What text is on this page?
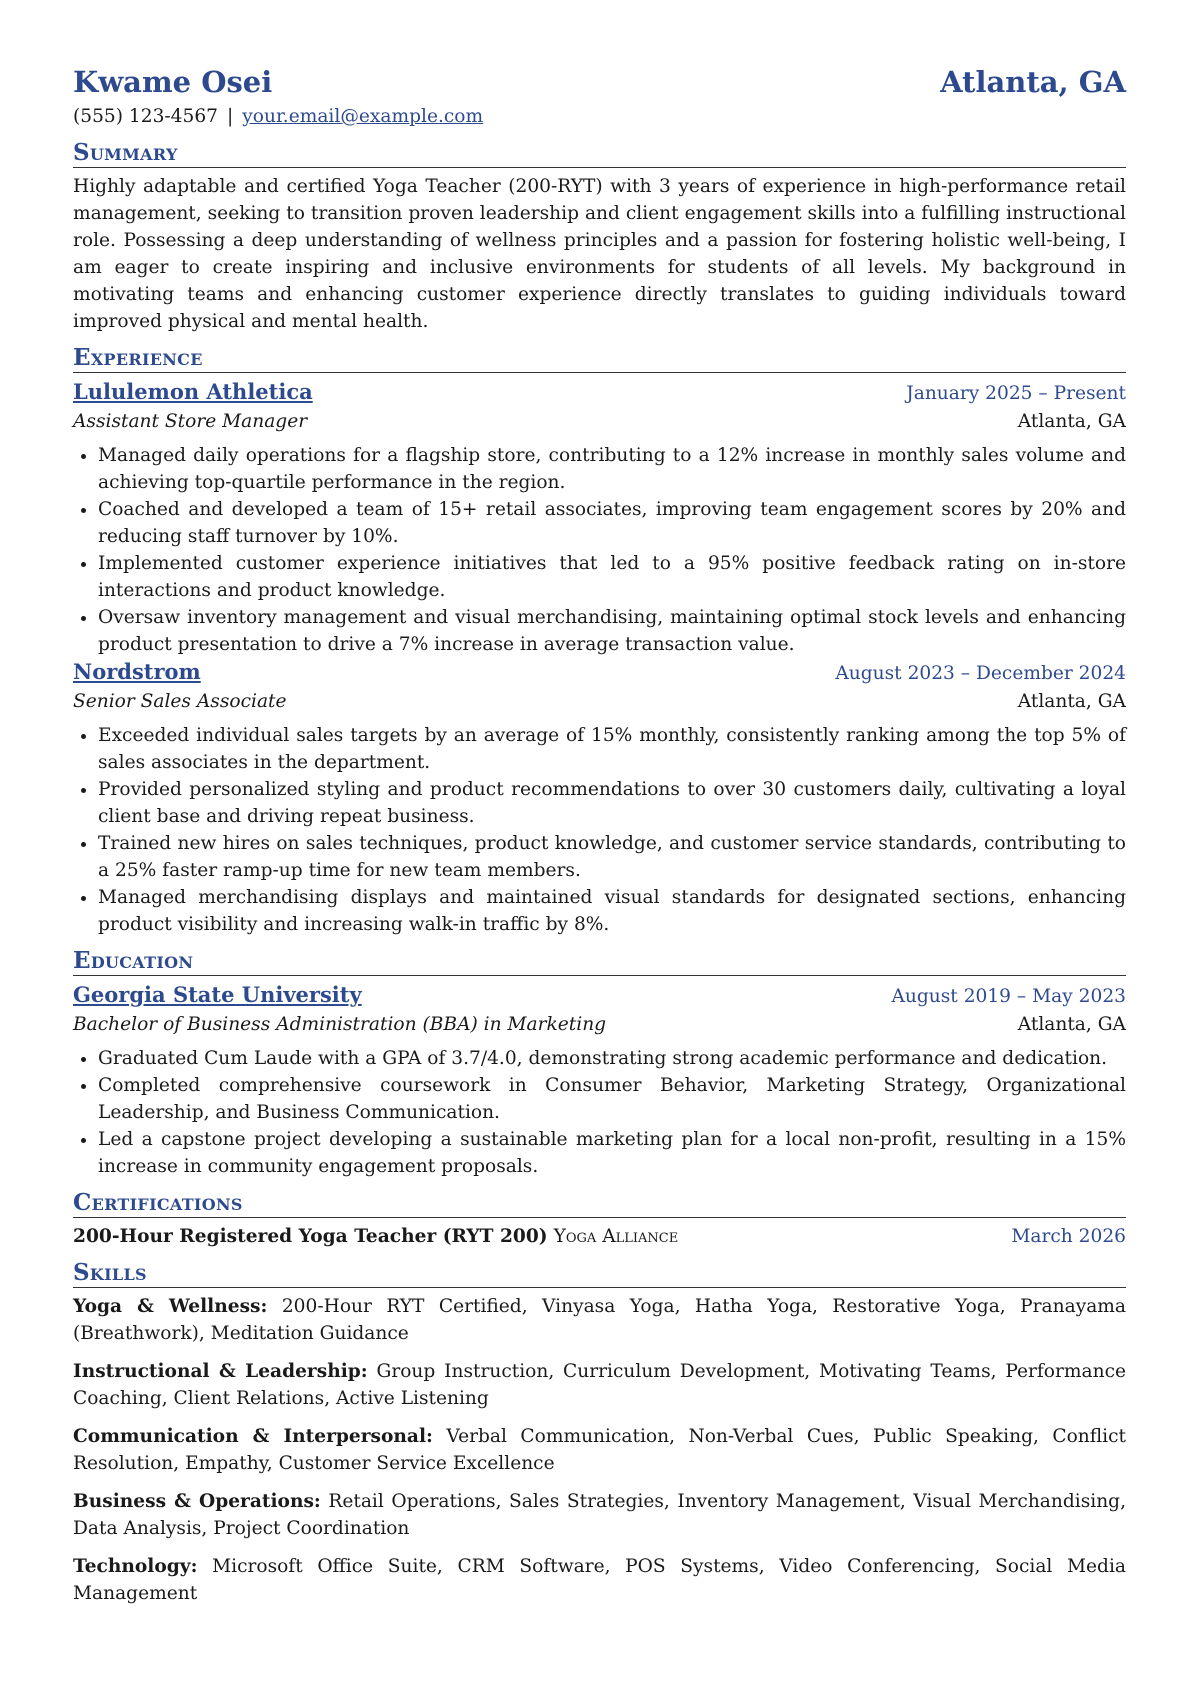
Kwame Osei	Atlanta, GA
(555) 123-4567 | your.email@example.com
Summary
Highly adaptable and certified Yoga Teacher (200-RYT) with 3 years of experience in high-performance retail management, seeking to transition proven leadership and client engagement skills into a fulfilling instructional role. Possessing a deep understanding of wellness principles and a passion for fostering holistic well-being, I am eager to create inspiring and inclusive environments for students of all levels. My background in motivating teams and enhancing customer experience directly translates to guiding individuals toward improved physical and mental health.
Experience
Lululemon Athletica	January 2025 – Present
Assistant Store Manager	Atlanta, GA
• Managed daily operations for a flagship store, contributing to a 12% increase in monthly sales volume and achieving top-quartile performance in the region.
• Coached and developed a team of 15+ retail associates, improving team engagement scores by 20% and reducing staff turnover by 10%.
• Implemented customer experience initiatives that led to a 95% positive feedback rating on in-store interactions and product knowledge.
• Oversaw inventory management and visual merchandising, maintaining optimal stock levels and enhancing product presentation to drive a 7% increase in average transaction value.
Nordstrom	August 2023 – December 2024
Senior Sales Associate	Atlanta, GA
• Exceeded individual sales targets by an average of 15% monthly, consistently ranking among the top 5% of sales associates in the department.
• Provided personalized styling and product recommendations to over 30 customers daily, cultivating a loyal client base and driving repeat business.
• Trained new hires on sales techniques, product knowledge, and customer service standards, contributing to a 25% faster ramp-up time for new team members.
• Managed merchandising displays and maintained visual standards for designated sections, enhancing product visibility and increasing walk-in traffic by 8%.
Education
Georgia State University	August 2019 – May 2023
Bachelor of Business Administration (BBA) in Marketing	Atlanta, GA
• Graduated Cum Laude with a GPA of 3.7/4.0, demonstrating strong academic performance and dedication.
• Completed comprehensive coursework in Consumer Behavior, Marketing Strategy, Organizational Leadership, and Business Communication.
• Led a capstone project developing a sustainable marketing plan for a local non-profit, resulting in a 15% increase in community engagement proposals.
Certifications
200-Hour Registered Yoga Teacher (RYT 200) Yoga Alliance	March 2026
Skills
Yoga & Wellness: 200-Hour RYT Certified, Vinyasa Yoga, Hatha Yoga, Restorative Yoga, Pranayama (Breathwork), Meditation Guidance
Instructional & Leadership: Group Instruction, Curriculum Development, Motivating Teams, Performance Coaching, Client Relations, Active Listening
Communication & Interpersonal: Verbal Communication, Non-Verbal Cues, Public Speaking, Conflict Resolution, Empathy, Customer Service Excellence
Business & Operations: Retail Operations, Sales Strategies, Inventory Management, Visual Merchandising, Data Analysis, Project Coordination
Technology: Microsoft Office Suite, CRM Software, POS Systems, Video Conferencing, Social Media Management
